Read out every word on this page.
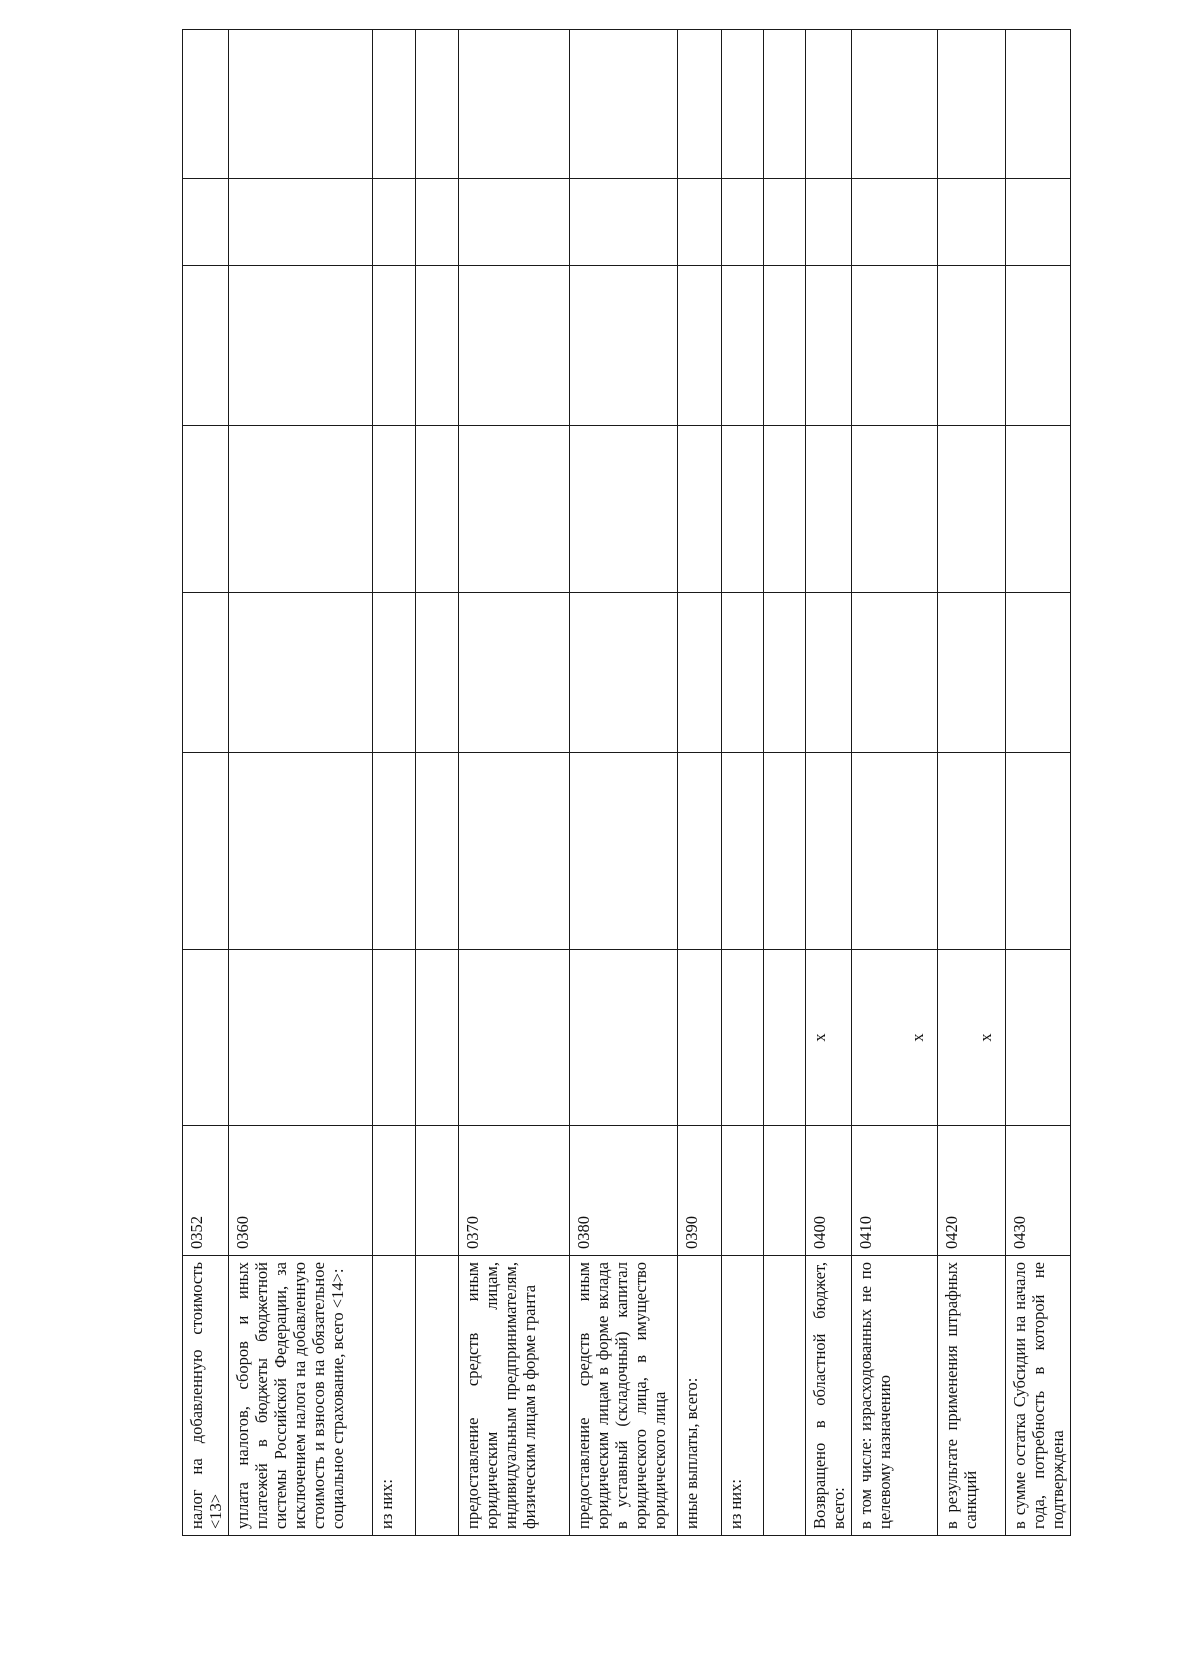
налог на добавленную стоимость <13>	0352							
уплата налогов, сборов и иных платежей в бюджеты бюджетной системы Российской Федерации, за исключением налога на добавленную стоимость и взносов на обязательное социальное страхование, всего <14>:	0360							
из них:								

предоставление средств иным юридическим лицам, индивидуальным предпринимателям, физическим лицам в форме гранта	0370							
предоставление средств иным юридическим лицам в форме вклада в уставный (складочный) капитал юридического лица, в имущество юридического лица	0380							
иные выплаты, всего:	0390							
из них:								

Возвращено в областной бюджет, всего:	0400	x						
в том числе: израсходованных не по целевому назначению	0410	x						
в результате применения штрафных санкций	0420	x						
в сумме остатка Субсидии на начало года, потребность в которой не подтверждена	0430							
